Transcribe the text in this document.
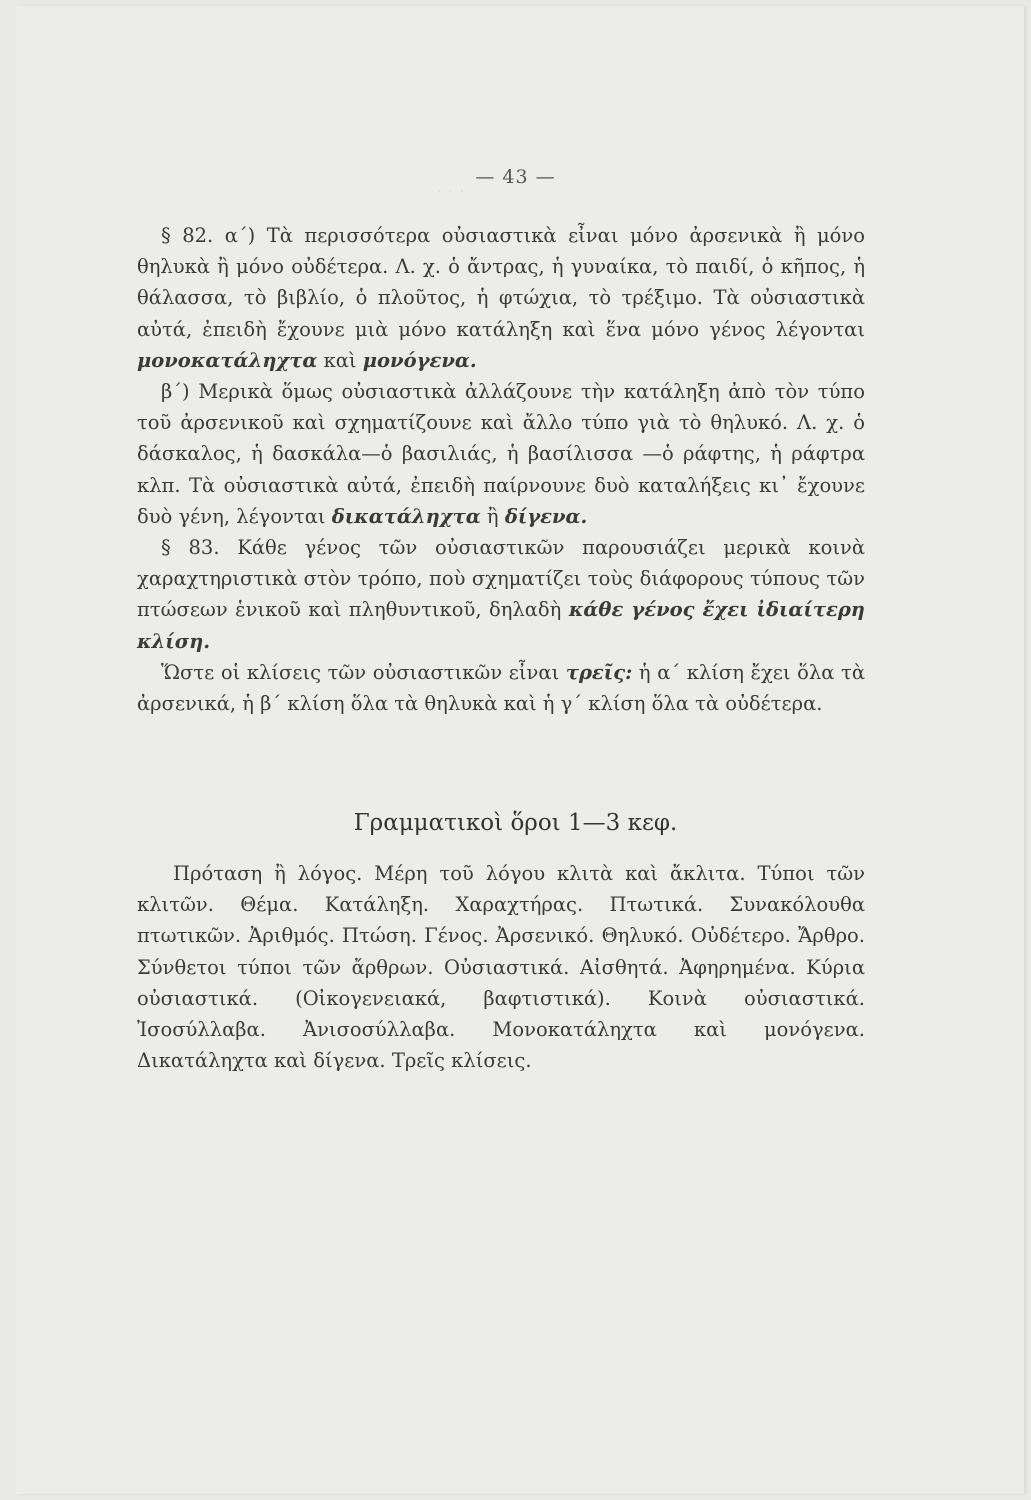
— 43 —

§ 82. α΄) Τὰ περισσότερα οὐσιαστικὰ εἶναι μόνο ἀρσενικὰ ἢ μόνο θηλυκὰ ἢ μόνο οὐδέτερα. Λ. χ. ὁ ἄντρας, ἡ γυναίκα, τὸ παιδί, ὁ κῆπος, ἡ θάλασσα, τὸ βιβλίο, ὁ πλοῦτος, ἡ φτώχια, τὸ τρέξιμο. Τὰ οὐσιαστικὰ αὐτά, ἐπειδὴ ἔχουνε μιὰ μόνο κατάληξη καὶ ἕνα μόνο γένος λέγονται μονοκατάληχτα καὶ μονόγενα.

β΄) Μερικὰ ὅμως οὐσιαστικὰ ἀλλάζουνε τὴν κατάληξη ἀπὸ τὸν τύπο τοῦ ἀρσενικοῦ καὶ σχηματίζουνε καὶ ἄλλο τύπο γιὰ τὸ θηλυκό. Λ. χ. ὁ δάσκαλος, ἡ δασκάλα—ὁ βασιλιάς, ἡ βασίλισσα —ὁ ράφτης, ἡ ράφτρα κλπ. Τὰ οὐσιαστικὰ αὐτά, ἐπειδὴ παίρνουνε δυὸ καταλήξεις κι᾿ ἔχουνε δυὸ γένη, λέγονται δικατάληχτα ἢ δίγενα.

§ 83. Κάθε γένος τῶν οὐσιαστικῶν παρουσιάζει μερικὰ κοινὰ χαραχτηριστικὰ στὸν τρόπο, ποὺ σχηματίζει τοὺς διάφορους τύπους τῶν πτώσεων ἑνικοῦ καὶ πληθυντικοῦ, δηλαδὴ κάθε γένος ἔχει ἰδιαίτερη κλίση.

Ὥστε οἱ κλίσεις τῶν οὐσιαστικῶν εἶναι τρεῖς: ἡ α΄ κλίση ἔχει ὅλα τὰ ἀρσενικά, ἡ β΄ κλίση ὅλα τὰ θηλυκὰ καὶ ἡ γ΄ κλίση ὅλα τὰ οὐδέτερα.

Γραμματικοὶ ὅροι 1—3 κεφ.
Πρόταση ἢ λόγος. Μέρη τοῦ λόγου κλιτὰ καὶ ἄκλιτα. Τύποι τῶν κλιτῶν. Θέμα. Κατάληξη. Χαραχτήρας. Πτωτικά. Συνακόλουθα πτωτικῶν. Ἀριθμός. Πτώση. Γένος. Ἀρσενικό. Θηλυκό. Οὐδέτερο. Ἄρθρο. Σύνθετοι τύποι τῶν ἄρθρων. Οὐσιαστικά. Αἰσθητά. Ἀφηρημένα. Κύρια οὐσιαστικά. (Οἰκογενειακά, βαφτιστικά). Κοινὰ οὐσιαστικά. Ἰσοσύλλαβα. Ἀνισοσύλλαβα. Μονοκατάληχτα καὶ μονόγενα. Δικατάληχτα καὶ δίγενα. Τρεῖς κλίσεις.
